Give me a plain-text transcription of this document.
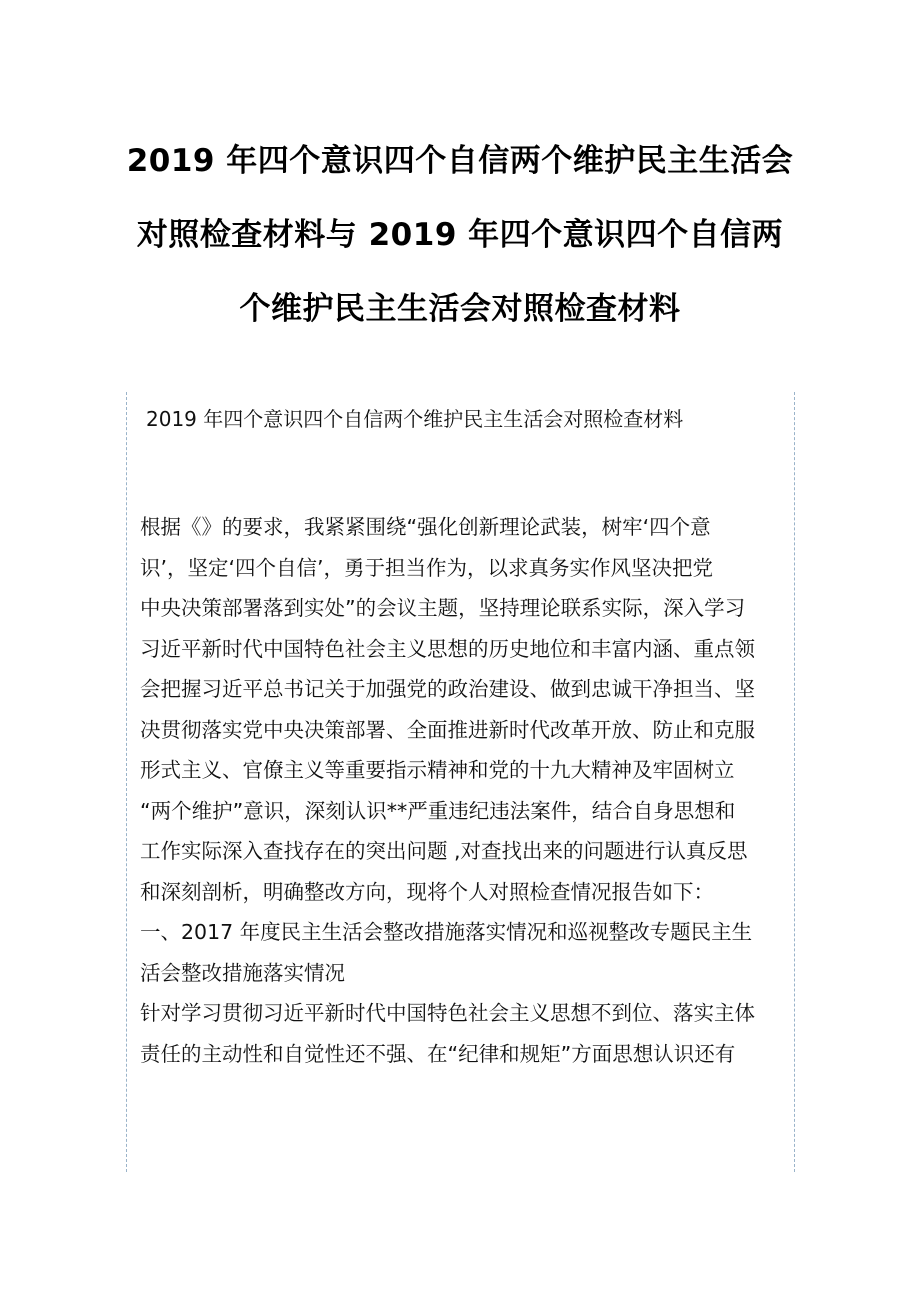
2019 年四个意识四个自信两个维护民主生活会
对照检查材料与 2019 年四个意识四个自信两
个维护民主生活会对照检查材料
2019 年四个意识四个自信两个维护民主生活会对照检查材料
根据《》的要求，我紧紧围绕“强化创新理论武装，树牢‘四个意
识’，坚定‘四个自信’，勇于担当作为，以求真务实作风坚决把党
中央决策部署落到实处”的会议主题，坚持理论联系实际，深入学习
习近平新时代中国特色社会主义思想的历史地位和丰富内涵、重点领
会把握习近平总书记关于加强党的政治建设、做到忠诚干净担当、坚
决贯彻落实党中央决策部署、全面推进新时代改革开放、防止和克服
形式主义、官僚主义等重要指示精神和党的十九大精神及牢固树立
“两个维护”意识，深刻认识**严重违纪违法案件，结合自身思想和
工作实际深入查找存在的突出问题 ,对查找出来的问题进行认真反思
和深刻剖析，明确整改方向，现将个人对照检查情况报告如下：
一、2017 年度民主生活会整改措施落实情况和巡视整改专题民主生
活会整改措施落实情况
针对学习贯彻习近平新时代中国特色社会主义思想不到位、落实主体
责任的主动性和自觉性还不强、在“纪律和规矩”方面思想认识还有
